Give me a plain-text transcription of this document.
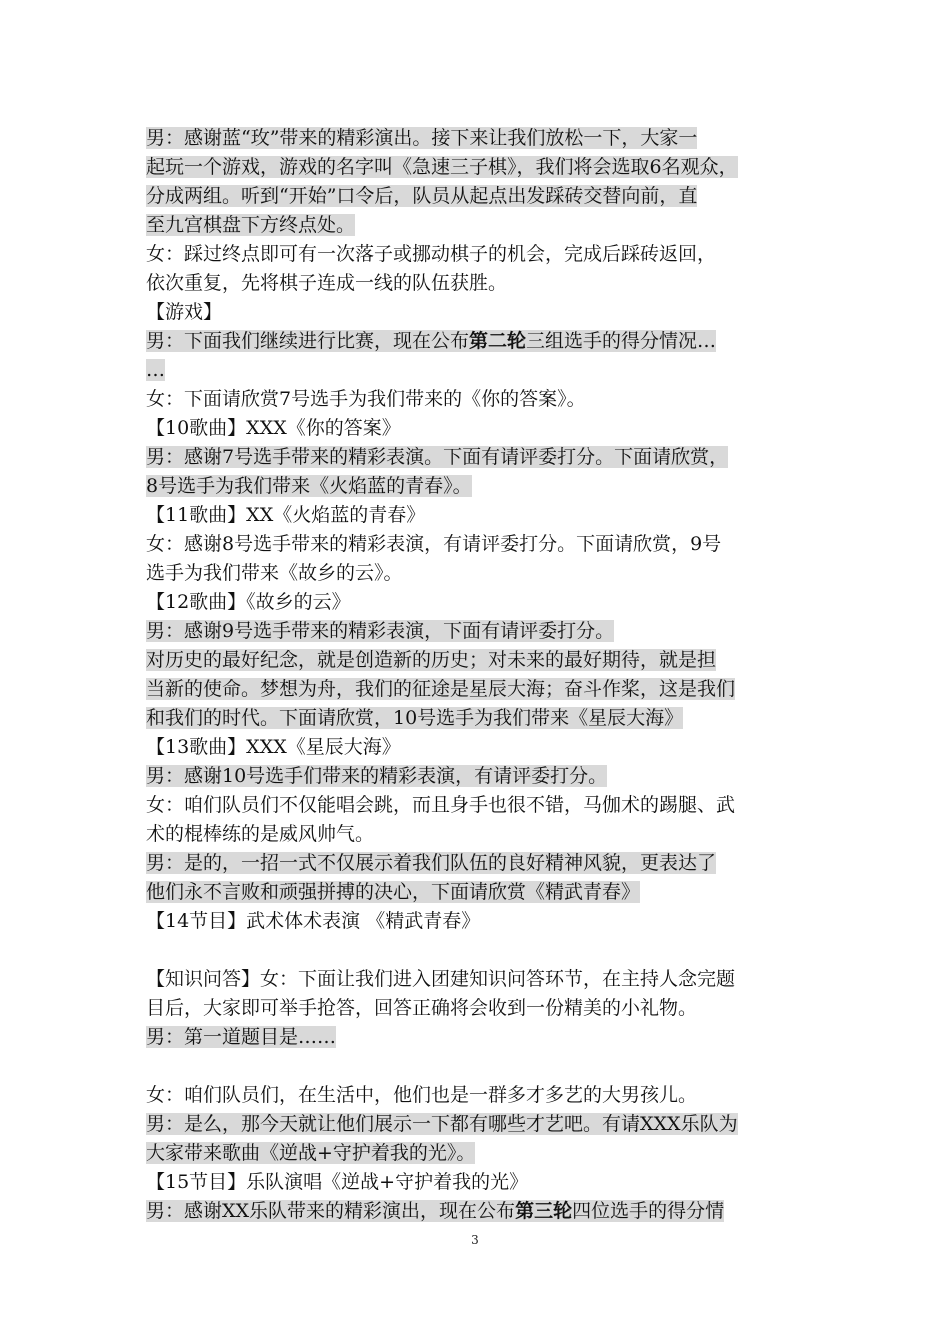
男：感谢蓝“玫”带来的精彩演出。接下来让我们放松一下，大家一
起玩一个游戏，游戏的名字叫《急速三子棋》，我们将会选取6名观众，
分成两组。听到“开始”口令后，队员从起点出发踩砖交替向前，直
至九宫棋盘下方终点处。
女：踩过终点即可有一次落子或挪动棋子的机会，完成后踩砖返回，
依次重复，先将棋子连成一线的队伍获胜。
【游戏】
男：下面我们继续进行比赛，现在公布第二轮三组选手的得分情况…
…
女：下面请欣赏7号选手为我们带来的《你的答案》。
【10歌曲】XXX《你的答案》
男：感谢7号选手带来的精彩表演。下面有请评委打分。下面请欣赏，
8号选手为我们带来《火焰蓝的青春》。
【11歌曲】XX《火焰蓝的青春》
女：感谢8号选手带来的精彩表演，有请评委打分。下面请欣赏，9号
选手为我们带来《故乡的云》。
【12歌曲】《故乡的云》
男：感谢9号选手带来的精彩表演，下面有请评委打分。
对历史的最好纪念，就是创造新的历史；对未来的最好期待，就是担
当新的使命。梦想为舟，我们的征途是星辰大海；奋斗作桨，这是我们
和我们的时代。下面请欣赏，10号选手为我们带来《星辰大海》
【13歌曲】XXX《星辰大海》
男：感谢10号选手们带来的精彩表演，有请评委打分。
女：咱们队员们不仅能唱会跳，而且身手也很不错，马伽术的踢腿、武
术的棍棒练的是威风帅气。
男：是的，一招一式不仅展示着我们队伍的良好精神风貌，更表达了
他们永不言败和顽强拼搏的决心，下面请欣赏《精武青春》
【14节目】武术体术表演 《精武青春》
【知识问答】女：下面让我们进入团建知识问答环节，在主持人念完题
目后，大家即可举手抢答，回答正确将会收到一份精美的小礼物。
男：第一道题目是……
女：咱们队员们，在生活中，他们也是一群多才多艺的大男孩儿。
男：是么，那今天就让他们展示一下都有哪些才艺吧。有请XXX乐队为
大家带来歌曲《逆战+守护着我的光》。
【15节目】乐队演唱《逆战+守护着我的光》
男：感谢XX乐队带来的精彩演出，现在公布第三轮四位选手的得分情
3
